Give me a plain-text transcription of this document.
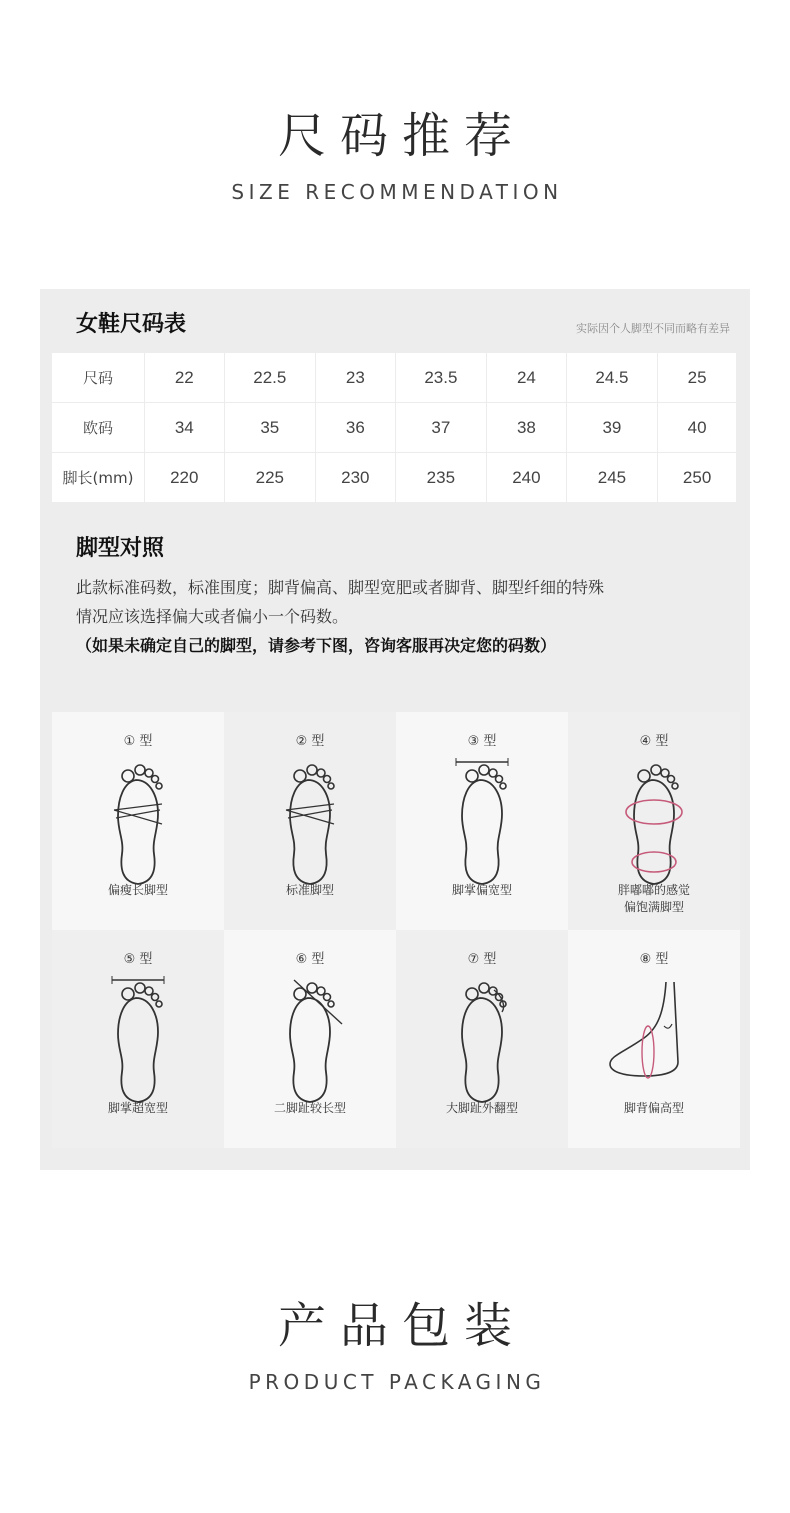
尺码推荐
SIZE RECOMMENDATION
女鞋尺码表	实际因个人脚型不同而略有差异
尺码	22	22.5	23	23.5	24	24.5	25
欧码	34	35	36	37	38	39	40
脚长(mm)	220	225	230	235	240	245	250
脚型对照

此款标准码数，标准围度；脚背偏高、脚型宽肥或者脚背、脚型纤细的特殊

情况应该选择偏大或者偏小一个码数。

（如果未确定自己的脚型，请参考下图，咨询客服再决定您的码数）

① 型
偏瘦长脚型
② 型
标准脚型
③ 型
脚掌偏宽型
④ 型
胖嘟嘟的感觉
偏饱满脚型
⑤ 型
脚掌超宽型
⑥ 型
二脚趾较长型
⑦ 型
大脚趾外翻型
⑧ 型
脚背偏高型
产品包装
PRODUCT PACKAGING
